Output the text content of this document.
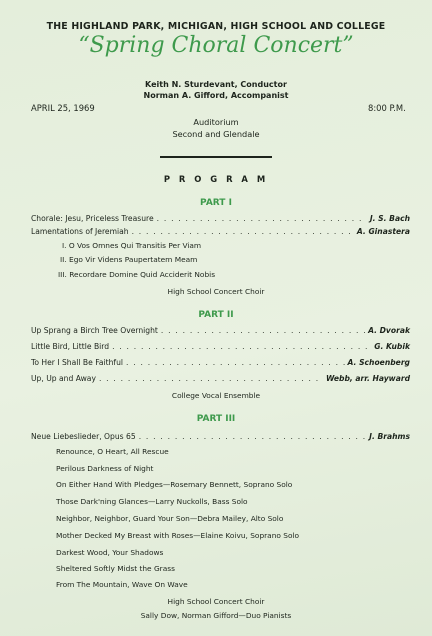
THE HIGHLAND PARK, MICHIGAN, HIGH SCHOOL AND COLLEGE
“Spring Choral Concert”
Keith N. Sturdevant, Conductor
Norman A. Gifford, Accompanist
APRIL 25, 1969	8:00 P.M.
Auditorium
Second and Glendale
P R O G R A M
PART I
Chorale: Jesu, Priceless Treasure . . .	J. S. Bach
Lamentations of Jeremiah . . .	A. Ginastera
I. O Vos Omnes Qui Transitis Per Viam
II. Ego Vir Videns Paupertatem Meam
III. Recordare Domine Quid Acciderit Nobis
High School Concert Choir
PART II
Up Sprang a Birch Tree Overnight . . .	A. Dvorak
Little Bird, Little Bird . . .	G. Kubik
To Her I Shall Be Faithful . . .	A. Schoenberg
Up, Up and Away . . .	Webb, arr. Hayward
College Vocal Ensemble
PART III
Neue Liebeslieder, Opus 65 . . .	J. Brahms
Renounce, O Heart, All Rescue
Perilous Darkness of Night
On Either Hand With Pledges—Rosemary Bennett, Soprano Solo
Those Dark'ning Glances—Larry Nuckolls, Bass Solo
Neighbor, Neighbor, Guard Your Son—Debra Mailey, Alto Solo
Mother Decked My Breast with Roses—Elaine Koivu, Soprano Solo
Darkest Wood, Your Shadows
Sheltered Softly Midst the Grass
From The Mountain, Wave On Wave
High School Concert Choir
Sally Dow, Norman Gifford—Duo Pianists
